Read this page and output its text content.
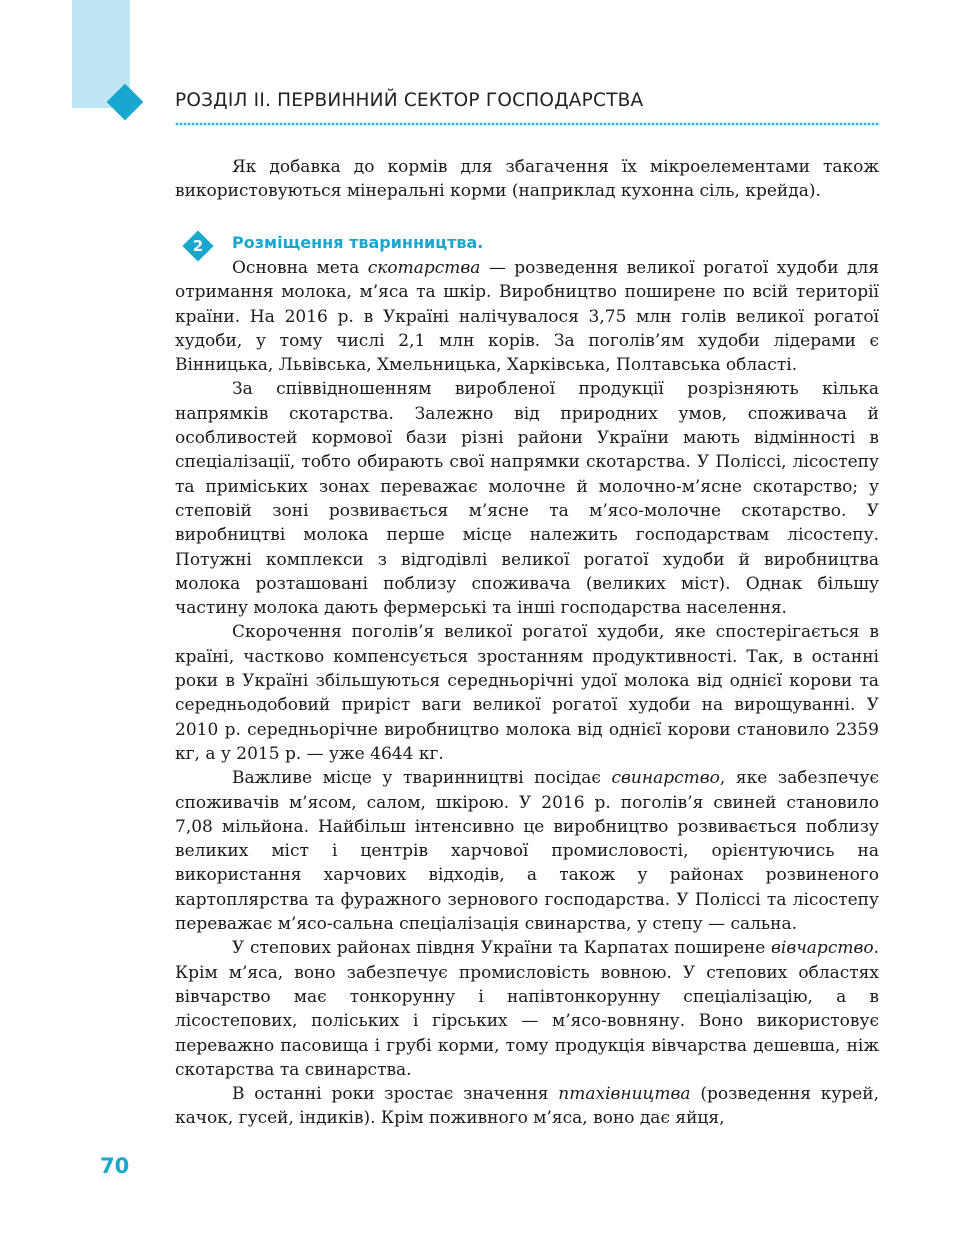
РОЗДІЛ II. ПЕРВИННИЙ СЕКТОР ГОСПОДАРСТВА

Як добавка до кормів для збагачення їх мікроелементами також використовуються мінеральні корми (наприклад кухонна сіль, крейда).

2	Розміщення тваринництва.

Основна мета скотарства — розведення великої рогатої худоби для отримання молока, м’яса та шкір. Виробництво поширене по всій території країни. На 2016 р. в Україні налічувалося 3,75 млн голів великої рогатої худоби, у тому числі 2,1 млн корів. За поголів’ям худоби лідерами є Вінницька, Львівська, Хмельницька, Харківська, Полтавська області.

За співвідношенням виробленої продукції розрізняють кілька напрямків скотарства. Залежно від природних умов, споживача й особливостей кормової бази різні райони України мають відмінності в спеціалізації, тобто обирають свої напрямки скотарства. У Поліссі, лісостепу та приміських зонах переважає молочне й молочно-м’ясне скотарство; у степовій зоні розвивається м’ясне та м’ясо-молочне скотарство. У виробництві молока перше місце належить господарствам лісостепу. Потужні комплекси з відгодівлі великої рогатої худоби й виробництва молока розташовані поблизу споживача (великих міст). Однак більшу частину молока дають фермерські та інші господарства населення.

Скорочення поголів’я великої рогатої худоби, яке спостерігається в країні, частково компенсується зростанням продуктивності. Так, в останні роки в Україні збільшуються середньорічні удої молока від однієї корови та середньодобовий приріст ваги великої рогатої худоби на вирощуванні. У 2010 р. середньорічне виробництво молока від однієї корови становило 2359 кг, а у 2015 р. — уже 4644 кг.

Важливе місце у тваринництві посідає свинарство, яке забезпечує споживачів м’ясом, салом, шкірою. У 2016 р. поголів’я свиней становило 7,08 мільйона. Найбільш інтенсивно це виробництво розвивається поблизу великих міст і центрів харчової промисловості, орієнтуючись на використання харчових відходів, а також у районах розвиненого картоплярства та фуражного зернового господарства. У Поліссі та лісостепу переважає м’ясо-сальна спеціалізація свинарства, у степу — сальна.

У степових районах півдня України та Карпатах поширене вівчарство. Крім м’яса, воно забезпечує промисловість вовною. У степових областях вівчарство має тонкорунну і напівтонкорунну спеціалізацію, а в лісостепових, поліських і гірських — м’ясо-вовняну. Воно використовує переважно пасовища і грубі корми, тому продукція вівчарства дешевша, ніж скотарства та свинарства.

В останні роки зростає значення птахівництва (розведення курей, качок, гусей, індиків). Крім поживного м’яса, воно дає яйця,

70
